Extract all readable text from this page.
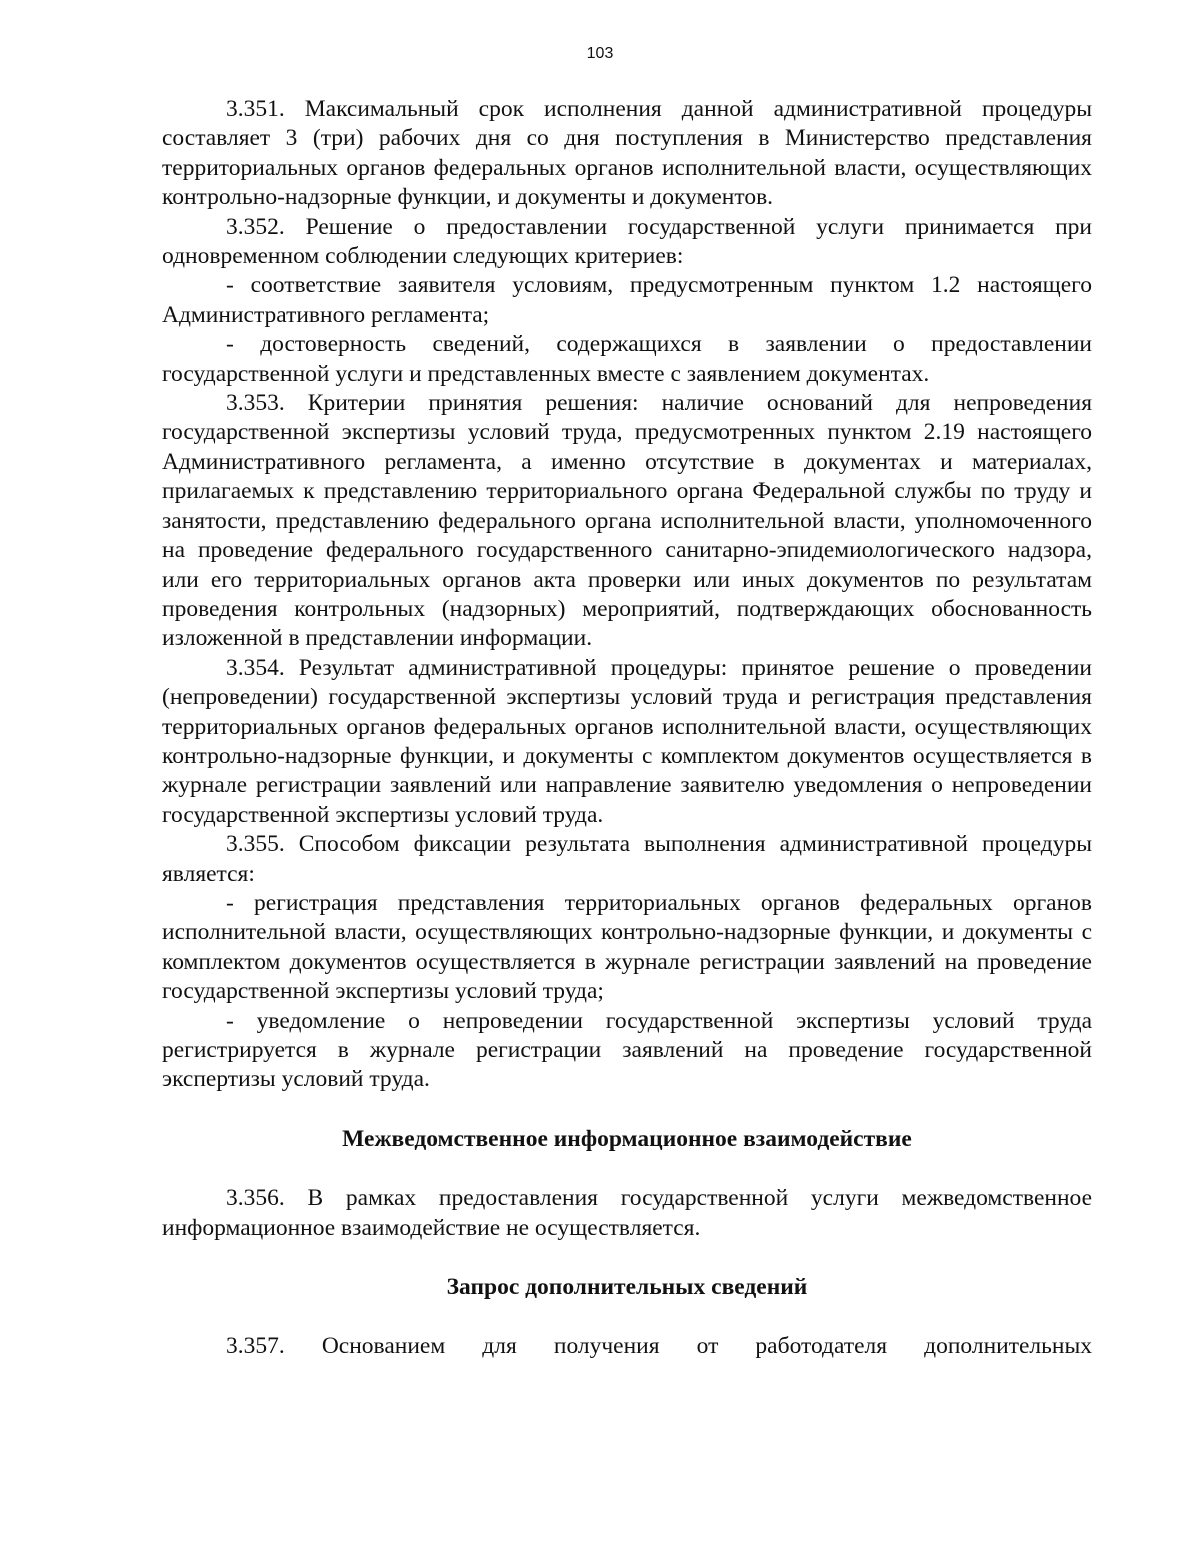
103

3.351. Максимальный срок исполнения данной административной процедуры составляет 3 (три) рабочих дня со дня поступления в Министерство представления территориальных органов федеральных органов исполнительной власти, осуществляющих контрольно-надзорные функции, и документы и документов.

3.352. Решение о предоставлении государственной услуги принимается при одновременном соблюдении следующих критериев:

- соответствие заявителя условиям, предусмотренным пунктом 1.2 настоящего Административного регламента;

- достоверность сведений, содержащихся в заявлении о предоставлении государственной услуги и представленных вместе с заявлением документах.

3.353. Критерии принятия решения: наличие оснований для непроведения государственной экспертизы условий труда, предусмотренных пунктом 2.19 настоящего Административного регламента, а именно отсутствие в документах и материалах, прилагаемых к представлению территориального органа Федеральной службы по труду и занятости, представлению федерального органа исполнительной власти, уполномоченного на проведение федерального государственного санитарно-эпидемиологического надзора, или его территориальных органов акта проверки или иных документов по результатам проведения контрольных (надзорных) мероприятий, подтверждающих обоснованность изложенной в представлении информации.

3.354. Результат административной процедуры: принятое решение о проведении (непроведении) государственной экспертизы условий труда и регистрация представления территориальных органов федеральных органов исполнительной власти, осуществляющих контрольно-надзорные функции, и документы с комплектом документов осуществляется в журнале регистрации заявлений или направление заявителю уведомления о непроведении государственной экспертизы условий труда.

3.355. Способом фиксации результата выполнения административной процедуры является:

- регистрация представления территориальных органов федеральных органов исполнительной власти, осуществляющих контрольно-надзорные функции, и документы с комплектом документов осуществляется в журнале регистрации заявлений на проведение государственной экспертизы условий труда;

- уведомление о непроведении государственной экспертизы условий труда регистрируется в журнале регистрации заявлений на проведение государственной экспертизы условий труда.

Межведомственное информационное взаимодействие

3.356. В рамках предоставления государственной услуги межведомственное информационное взаимодействие не осуществляется.

Запрос дополнительных сведений

3.357. Основанием для получения от работодателя дополнительных
